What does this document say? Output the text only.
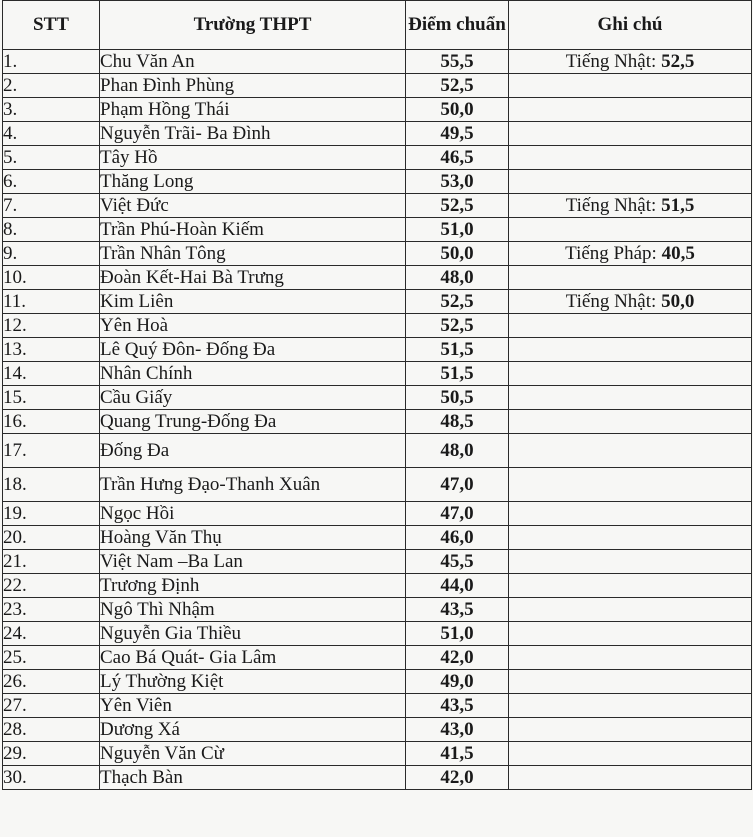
STT	Trường THPT	Điểm chuẩn	Ghi chú
1.	Chu Văn An	55,5	Tiếng Nhật: 52,5
2.	Phan Đình Phùng	52,5	
3.	Phạm Hồng Thái	50,0	
4.	Nguyễn Trãi- Ba Đình	49,5	
5.	Tây Hồ	46,5	
6.	Thăng Long	53,0	
7.	Việt Đức	52,5	Tiếng Nhật: 51,5
8.	Trần Phú-Hoàn Kiếm	51,0	
9.	Trần Nhân Tông	50,0	Tiếng Pháp: 40,5
10.	Đoàn Kết-Hai Bà Trưng	48,0	
11.	Kim Liên	52,5	Tiếng Nhật: 50,0
12.	Yên Hoà	52,5	
13.	Lê Quý Đôn- Đống Đa	51,5	
14.	Nhân Chính	51,5	
15.	Cầu Giấy	50,5	
16.	Quang Trung-Đống Đa	48,5	
17.	Đống Đa	48,0	
18.	Trần Hưng Đạo-Thanh Xuân	47,0	
19.	Ngọc Hồi	47,0	
20.	Hoàng Văn Thụ	46,0	
21.	Việt Nam –Ba Lan	45,5	
22.	Trương Định	44,0	
23.	Ngô Thì Nhậm	43,5	
24.	Nguyễn Gia Thiều	51,0	
25.	Cao Bá Quát- Gia Lâm	42,0	
26.	Lý Thường Kiệt	49,0	
27.	Yên Viên	43,5	
28.	Dương Xá	43,0	
29.	Nguyễn Văn Cừ	41,5	
30.	Thạch Bàn	42,0	
